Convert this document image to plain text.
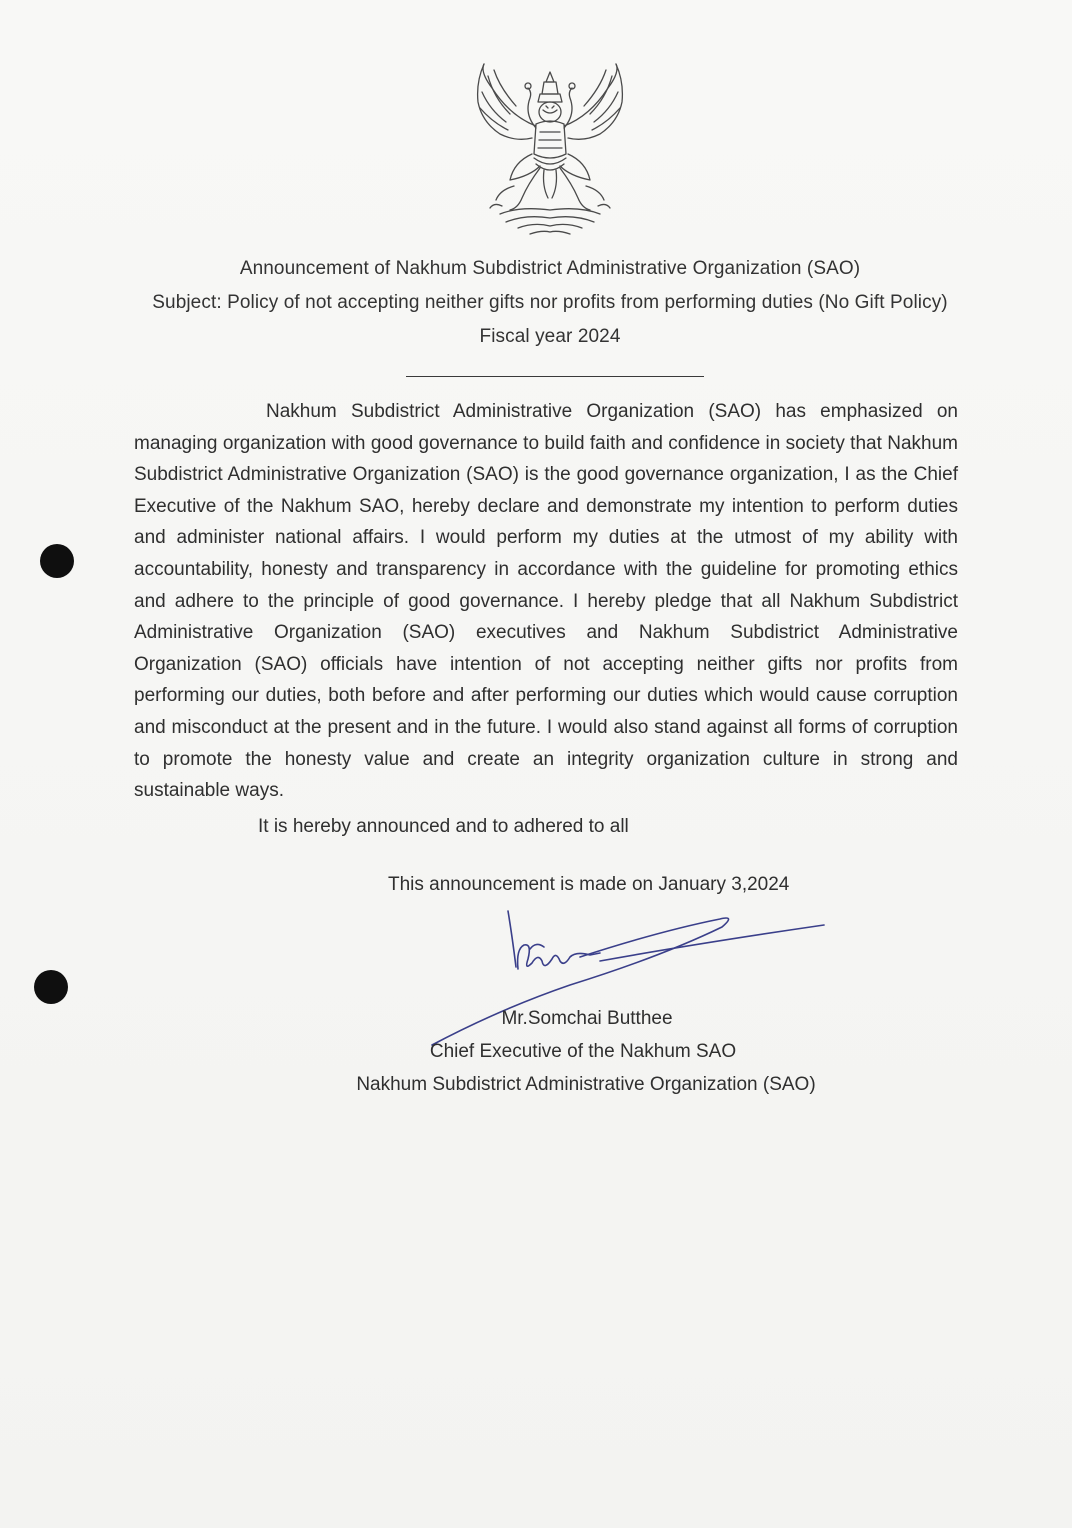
Announcement of Nakhum Subdistrict Administrative Organization (SAO)
Subject: Policy of not accepting neither gifts nor profits from performing duties (No Gift Policy)
Fiscal year 2024
Nakhum Subdistrict Administrative Organization (SAO) has emphasized on managing organization with good governance to build faith and confidence in society that Nakhum Subdistrict Administrative Organization (SAO) is the good governance organization, I as the Chief Executive of the Nakhum SAO, hereby declare and demonstrate my intention to perform duties and administer national affairs. I would perform my duties at the utmost of my ability with accountability, honesty and transparency in accordance with the guideline for promoting ethics and adhere to the principle of good governance. I hereby pledge that all Nakhum Subdistrict Administrative Organization (SAO) executives and Nakhum Subdistrict Administrative Organization (SAO) officials have intention of not accepting neither gifts nor profits from performing our duties, both before and after performing our duties which would cause corruption and misconduct at the present and in the future. I would also stand against all forms of corruption to promote the honesty value and create an integrity organization culture in strong and sustainable ways.
It is hereby announced and to adhered to all
This announcement is made on January 3,2024
Mr.Somchai Butthee
Chief Executive of the Nakhum SAO
Nakhum Subdistrict Administrative Organization (SAO)
